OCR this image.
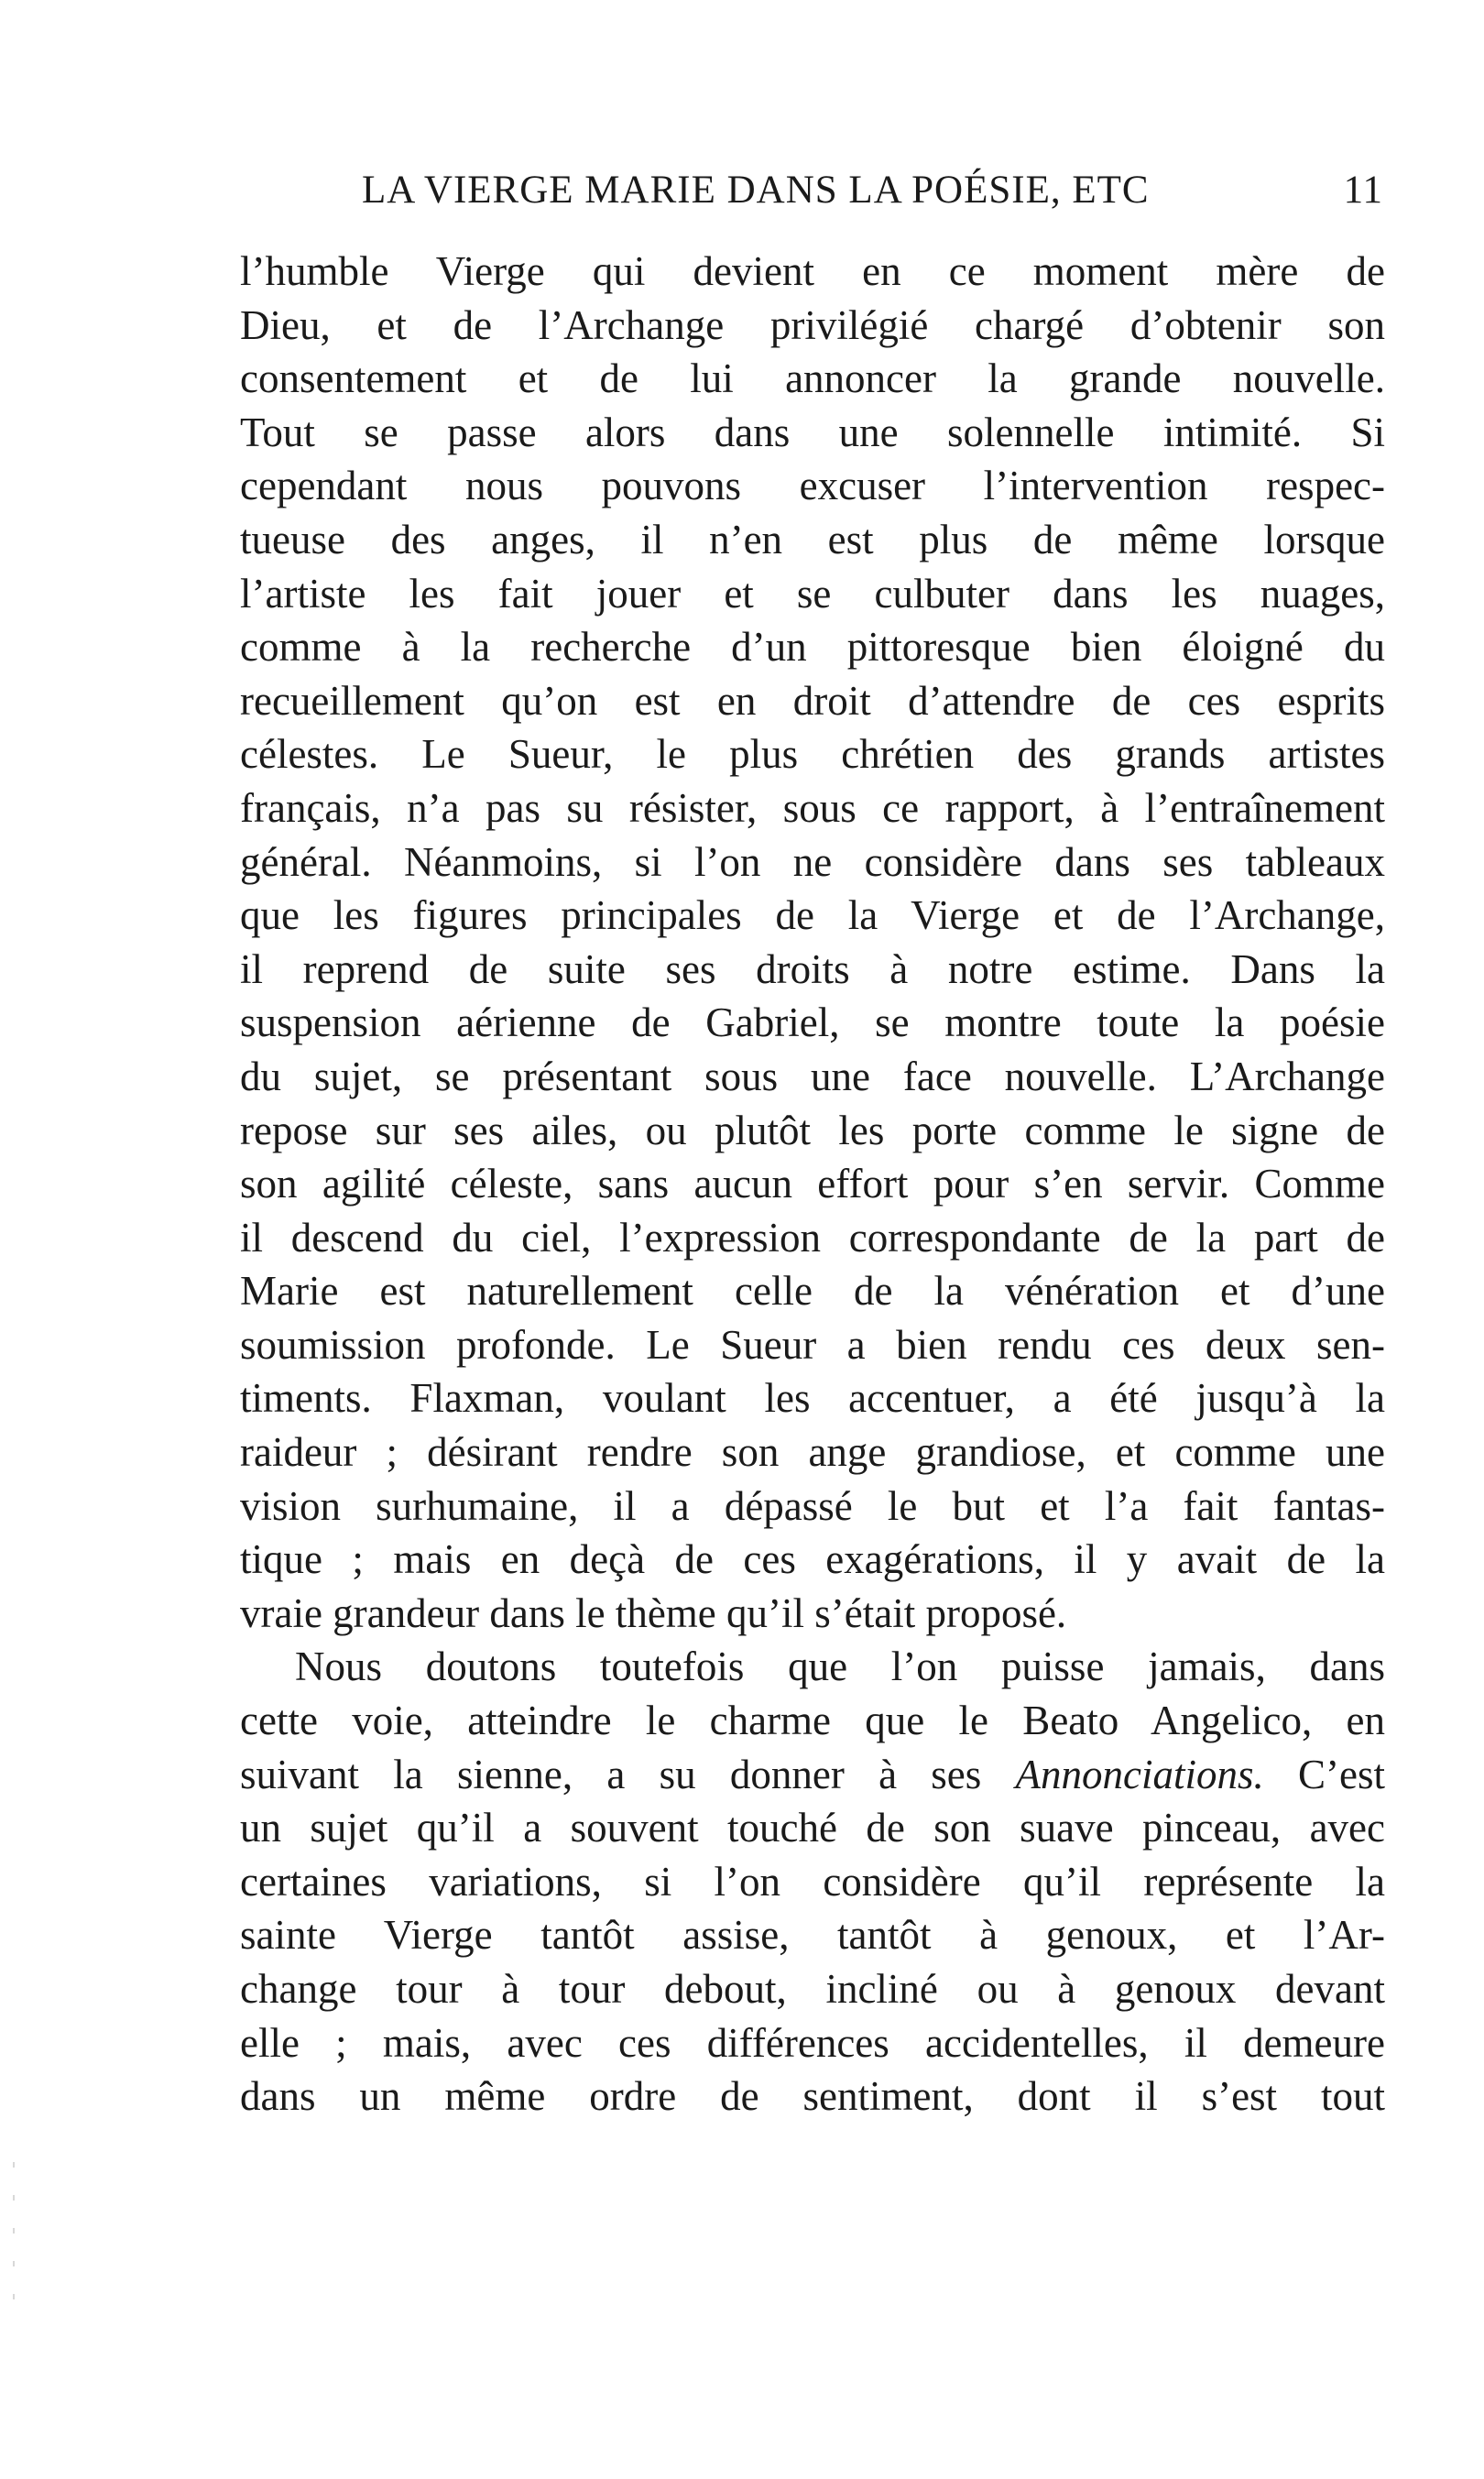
LA VIERGE MARIE DANS LA POÉSIE, ETC	11
l’humble Vierge qui devient en ce moment mère de
Dieu, et de l’Archange privilégié chargé d’obtenir son
consentement et de lui annoncer la grande nouvelle.
Tout se passe alors dans une solennelle intimité. Si
cependant nous pouvons excuser l’intervention respec-
tueuse des anges, il n’en est plus de même lorsque
l’artiste les fait jouer et se culbuter dans les nuages,
comme à la recherche d’un pittoresque bien éloigné du
recueillement qu’on est en droit d’attendre de ces esprits
célestes. Le Sueur, le plus chrétien des grands artistes
français, n’a pas su résister, sous ce rapport, à l’entraînement
général. Néanmoins, si l’on ne considère dans ses tableaux
que les figures principales de la Vierge et de l’Archange,
il reprend de suite ses droits à notre estime. Dans la
suspension aérienne de Gabriel, se montre toute la poésie
du sujet, se présentant sous une face nouvelle. L’Archange
repose sur ses ailes, ou plutôt les porte comme le signe de
son agilité céleste, sans aucun effort pour s’en servir. Comme
il descend du ciel, l’expression correspondante de la part de
Marie est naturellement celle de la vénération et d’une
soumission profonde. Le Sueur a bien rendu ces deux sen-
timents. Flaxman, voulant les accentuer, a été jusqu’à la
raideur ; désirant rendre son ange grandiose, et comme une
vision surhumaine, il a dépassé le but et l’a fait fantas-
tique ; mais en deçà de ces exagérations, il y avait de la
vraie grandeur dans le thème qu’il s’était proposé.
Nous doutons toutefois que l’on puisse jamais, dans
cette voie, atteindre le charme que le Beato Angelico, en
suivant la sienne, a su donner à ses Annonciations. C’est
un sujet qu’il a souvent touché de son suave pinceau, avec
certaines variations, si l’on considère qu’il représente la
sainte Vierge tantôt assise, tantôt à genoux, et l’Ar-
change tour à tour debout, incliné ou à genoux devant
elle ; mais, avec ces différences accidentelles, il demeure
dans un même ordre de sentiment, dont il s’est tout
